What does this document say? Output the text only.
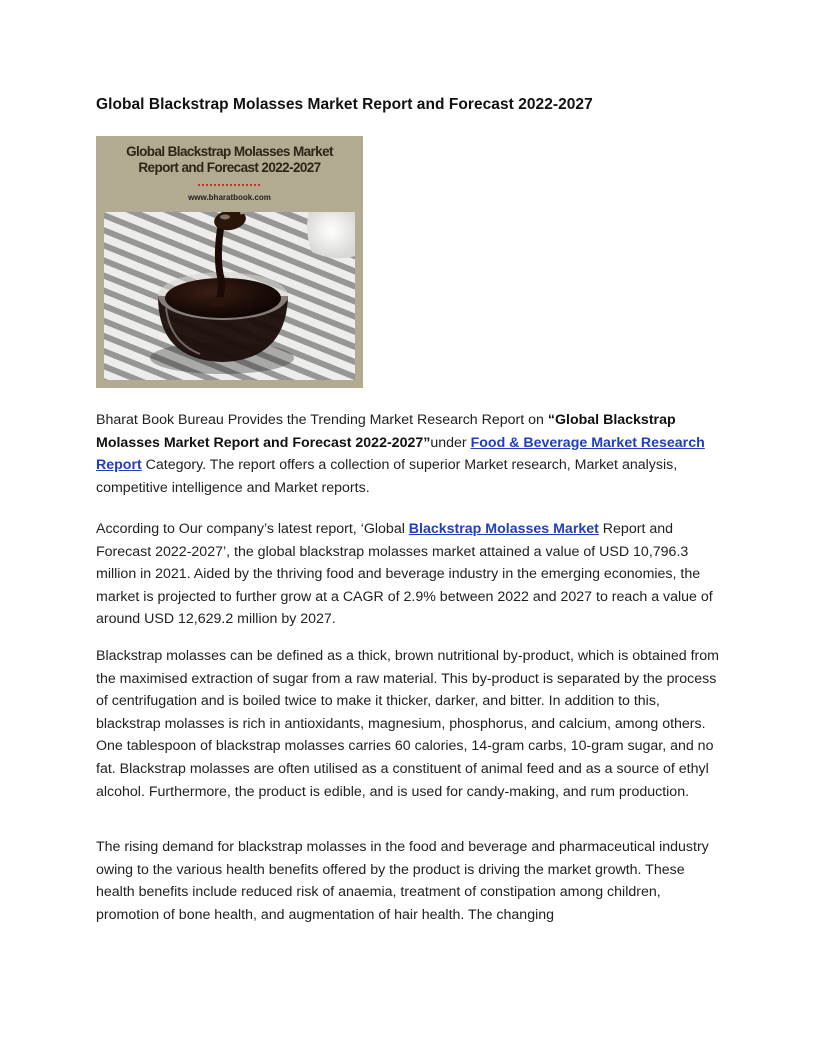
Global Blackstrap Molasses Market Report and Forecast 2022-2027
Global Blackstrap Molasses Market
Report and Forecast 2022-2027
www.bharatbook.com

Bharat Book Bureau Provides the Trending Market Research Report on “Global Blackstrap Molasses Market Report and Forecast 2022-2027”under Food & Beverage Market Research Report Category. The report offers a collection of superior Market research, Market analysis, competitive intelligence and Market reports.

According to Our company’s latest report, ‘Global Blackstrap Molasses Market Report and Forecast 2022-2027’, the global blackstrap molasses market attained a value of USD 10,796.3 million in 2021. Aided by the thriving food and beverage industry in the emerging economies, the market is projected to further grow at a CAGR of 2.9% between 2022 and 2027 to reach a value of around USD 12,629.2 million by 2027.

Blackstrap molasses can be defined as a thick, brown nutritional by-product, which is obtained from the maximised extraction of sugar from a raw material. This by-product is separated by the process of centrifugation and is boiled twice to make it thicker, darker, and bitter. In addition to this, blackstrap molasses is rich in antioxidants, magnesium, phosphorus, and calcium, among others. One tablespoon of blackstrap molasses carries 60 calories, 14-gram carbs, 10-gram sugar, and no fat. Blackstrap molasses are often utilised as a constituent of animal feed and as a source of ethyl alcohol. Furthermore, the product is edible, and is used for candy-making, and rum production.

The rising demand for blackstrap molasses in the food and beverage and pharmaceutical industry owing to the various health benefits offered by the product is driving the market growth. These health benefits include reduced risk of anaemia, treatment of constipation among children, promotion of bone health, and augmentation of hair health. The changing
